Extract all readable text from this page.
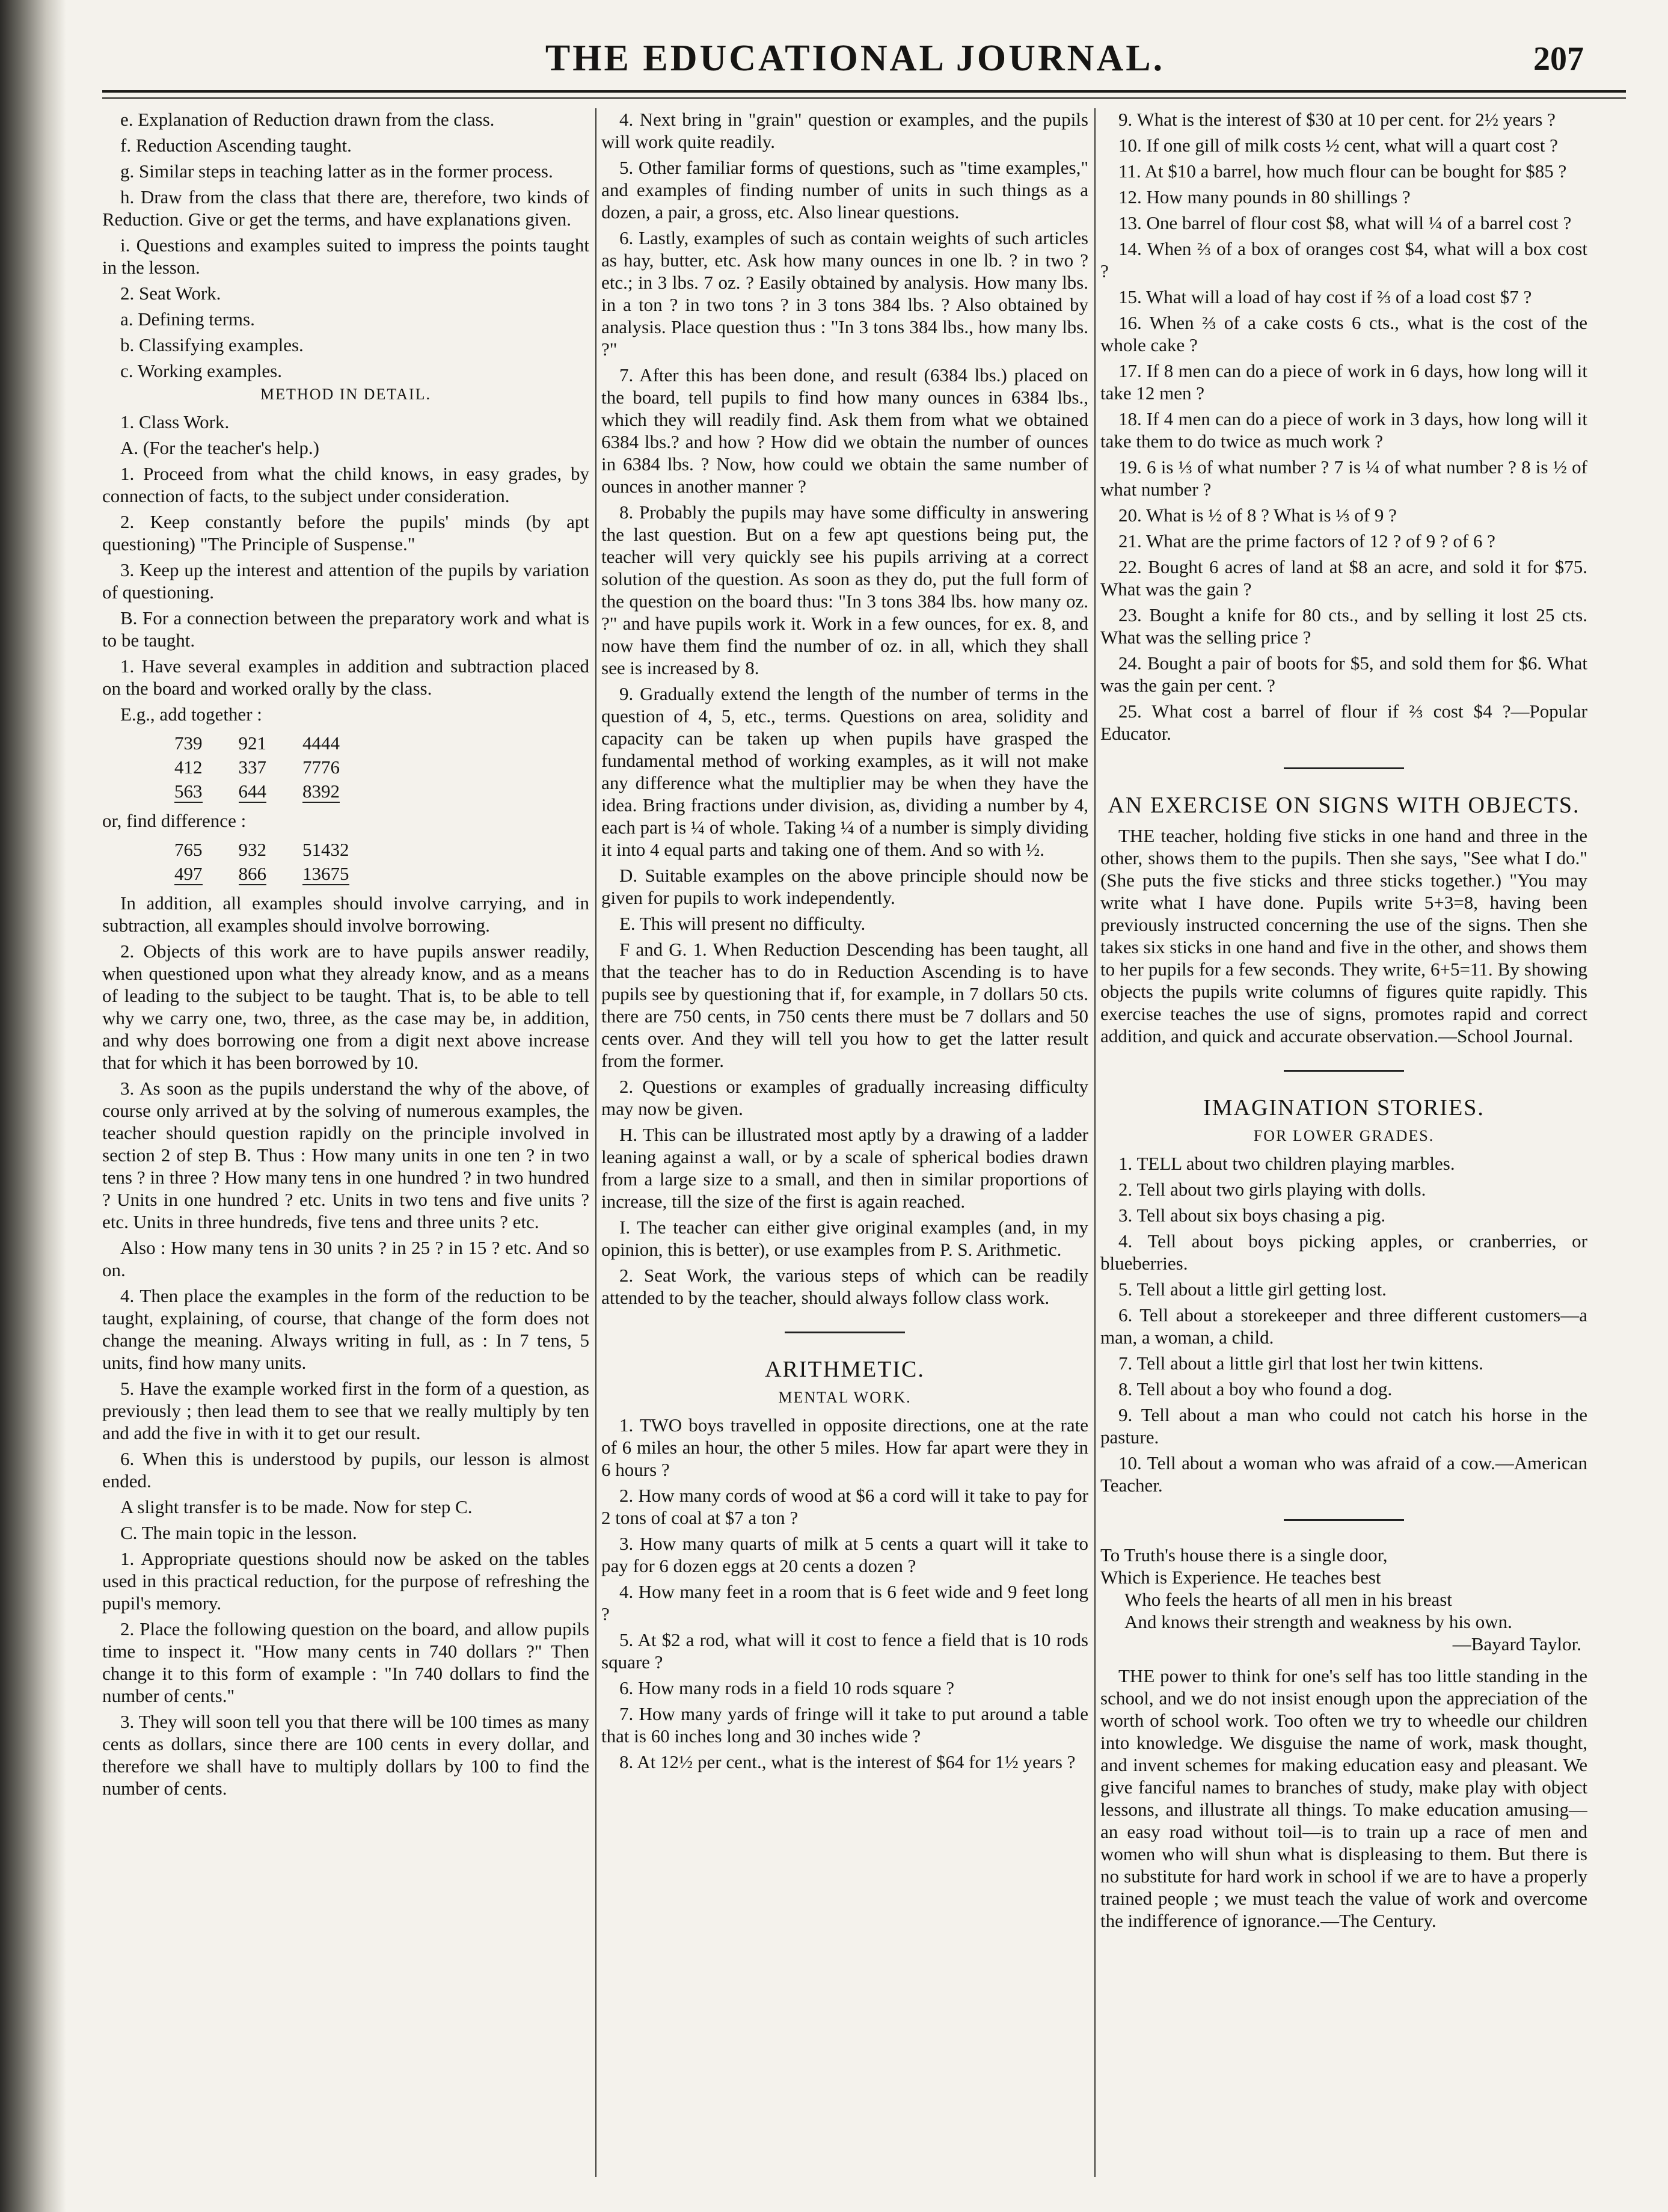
THE EDUCATIONAL JOURNAL.	207

e. Explanation of Reduction drawn from the class.

f. Reduction Ascending taught.

g. Similar steps in teaching latter as in the former process.

h. Draw from the class that there are, therefore, two kinds of Reduction. Give or get the terms, and have explanations given.

i. Questions and examples suited to impress the points taught in the lesson.

2. Seat Work.

a. Defining terms.

b. Classifying examples.

c. Working examples.

METHOD IN DETAIL.

1. Class Work.

A. (For the teacher's help.)

1. Proceed from what the child knows, in easy grades, by connection of facts, to the subject under consideration.

2. Keep constantly before the pupils' minds (by apt questioning) "The Principle of Suspense."

3. Keep up the interest and attention of the pupils by variation of questioning.

B. For a connection between the preparatory work and what is to be taught.

1. Have several examples in addition and subtraction placed on the board and worked orally by the class.

E.g., add together :

739	921	4444
412	337	7776
563	644	8392

or, find difference :

765	932	51432
497	866	13675

In addition, all examples should involve carrying, and in subtraction, all examples should involve borrowing.

2. Objects of this work are to have pupils answer readily, when questioned upon what they already know, and as a means of leading to the subject to be taught. That is, to be able to tell why we carry one, two, three, as the case may be, in addition, and why does borrowing one from a digit next above increase that for which it has been borrowed by 10.

3. As soon as the pupils understand the why of the above, of course only arrived at by the solving of numerous examples, the teacher should question rapidly on the principle involved in section 2 of step B. Thus : How many units in one ten ? in two tens ? in three ? How many tens in one hundred ? in two hundred ? Units in one hundred ? etc. Units in two tens and five units ? etc. Units in three hundreds, five tens and three units ? etc.

Also : How many tens in 30 units ? in 25 ? in 15 ? etc. And so on.

4. Then place the examples in the form of the reduction to be taught, explaining, of course, that change of the form does not change the meaning. Always writing in full, as : In 7 tens, 5 units, find how many units.

5. Have the example worked first in the form of a question, as previously ; then lead them to see that we really multiply by ten and add the five in with it to get our result.

6. When this is understood by pupils, our lesson is almost ended.

A slight transfer is to be made. Now for step C.

C. The main topic in the lesson.

1. Appropriate questions should now be asked on the tables used in this practical reduction, for the purpose of refreshing the pupil's memory.

2. Place the following question on the board, and allow pupils time to inspect it. "How many cents in 740 dollars ?" Then change it to this form of example : "In 740 dollars to find the number of cents."

3. They will soon tell you that there will be 100 times as many cents as dollars, since there are 100 cents in every dollar, and therefore we shall have to multiply dollars by 100 to find the number of cents.

4. Next bring in "grain" question or examples, and the pupils will work quite readily.

5. Other familiar forms of questions, such as "time examples," and examples of finding number of units in such things as a dozen, a pair, a gross, etc. Also linear questions.

6. Lastly, examples of such as contain weights of such articles as hay, butter, etc. Ask how many ounces in one lb. ? in two ? etc.; in 3 lbs. 7 oz. ? Easily obtained by analysis. How many lbs. in a ton ? in two tons ? in 3 tons 384 lbs. ? Also obtained by analysis. Place question thus : "In 3 tons 384 lbs., how many lbs. ?"

7. After this has been done, and result (6384 lbs.) placed on the board, tell pupils to find how many ounces in 6384 lbs., which they will readily find. Ask them from what we obtained 6384 lbs.? and how ? How did we obtain the number of ounces in 6384 lbs. ? Now, how could we obtain the same number of ounces in another manner ?

8. Probably the pupils may have some difficulty in answering the last question. But on a few apt questions being put, the teacher will very quickly see his pupils arriving at a correct solution of the question. As soon as they do, put the full form of the question on the board thus: "In 3 tons 384 lbs. how many oz. ?" and have pupils work it. Work in a few ounces, for ex. 8, and now have them find the number of oz. in all, which they shall see is increased by 8.

9. Gradually extend the length of the number of terms in the question of 4, 5, etc., terms. Questions on area, solidity and capacity can be taken up when pupils have grasped the fundamental method of working examples, as it will not make any difference what the multiplier may be when they have the idea. Bring fractions under division, as, dividing a number by 4, each part is ¼ of whole. Taking ¼ of a number is simply dividing it into 4 equal parts and taking one of them. And so with ½.

D. Suitable examples on the above principle should now be given for pupils to work independently.

E. This will present no difficulty.

F and G. 1. When Reduction Descending has been taught, all that the teacher has to do in Reduction Ascending is to have pupils see by questioning that if, for example, in 7 dollars 50 cts. there are 750 cents, in 750 cents there must be 7 dollars and 50 cents over. And they will tell you how to get the latter result from the former.

2. Questions or examples of gradually increasing difficulty may now be given.

H. This can be illustrated most aptly by a drawing of a ladder leaning against a wall, or by a scale of spherical bodies drawn from a large size to a small, and then in similar proportions of increase, till the size of the first is again reached.

I. The teacher can either give original examples (and, in my opinion, this is better), or use examples from P. S. Arithmetic.

2. Seat Work, the various steps of which can be readily attended to by the teacher, should always follow class work.

ARITHMETIC.
MENTAL WORK.

1. TWO boys travelled in opposite directions, one at the rate of 6 miles an hour, the other 5 miles. How far apart were they in 6 hours ?

2. How many cords of wood at $6 a cord will it take to pay for 2 tons of coal at $7 a ton ?

3. How many quarts of milk at 5 cents a quart will it take to pay for 6 dozen eggs at 20 cents a dozen ?

4. How many feet in a room that is 6 feet wide and 9 feet long ?

5. At $2 a rod, what will it cost to fence a field that is 10 rods square ?

6. How many rods in a field 10 rods square ?

7. How many yards of fringe will it take to put around a table that is 60 inches long and 30 inches wide ?

8. At 12½ per cent., what is the interest of $64 for 1½ years ?

9. What is the interest of $30 at 10 per cent. for 2½ years ?

10. If one gill of milk costs ½ cent, what will a quart cost ?

11. At $10 a barrel, how much flour can be bought for $85 ?

12. How many pounds in 80 shillings ?

13. One barrel of flour cost $8, what will ¼ of a barrel cost ?

14. When ⅔ of a box of oranges cost $4, what will a box cost ?

15. What will a load of hay cost if ⅔ of a load cost $7 ?

16. When ⅔ of a cake costs 6 cts., what is the cost of the whole cake ?

17. If 8 men can do a piece of work in 6 days, how long will it take 12 men ?

18. If 4 men can do a piece of work in 3 days, how long will it take them to do twice as much work ?

19. 6 is ⅓ of what number ? 7 is ¼ of what number ? 8 is ½ of what number ?

20. What is ½ of 8 ? What is ⅓ of 9 ?

21. What are the prime factors of 12 ? of 9 ? of 6 ?

22. Bought 6 acres of land at $8 an acre, and sold it for $75. What was the gain ?

23. Bought a knife for 80 cts., and by selling it lost 25 cts. What was the selling price ?

24. Bought a pair of boots for $5, and sold them for $6. What was the gain per cent. ?

25. What cost a barrel of flour if ⅔ cost $4 ?—Popular Educator.

AN EXERCISE ON SIGNS WITH OBJECTS.

THE teacher, holding five sticks in one hand and three in the other, shows them to the pupils. Then she says, "See what I do." (She puts the five sticks and three sticks together.) "You may write what I have done. Pupils write 5+3=8, having been previously instructed concerning the use of the signs. Then she takes six sticks in one hand and five in the other, and shows them to her pupils for a few seconds. They write, 6+5=11. By showing objects the pupils write columns of figures quite rapidly. This exercise teaches the use of signs, promotes rapid and correct addition, and quick and accurate observation.—School Journal.

IMAGINATION STORIES.
FOR LOWER GRADES.

1. TELL about two children playing marbles.

2. Tell about two girls playing with dolls.

3. Tell about six boys chasing a pig.

4. Tell about boys picking apples, or cranberries, or blueberries.

5. Tell about a little girl getting lost.

6. Tell about a storekeeper and three different customers—a man, a woman, a child.

7. Tell about a little girl that lost her twin kittens.

8. Tell about a boy who found a dog.

9. Tell about a man who could not catch his horse in the pasture.

10. Tell about a woman who was afraid of a cow.—American Teacher.

To Truth's house there is a single door,

Which is Experience. He teaches best

Who feels the hearts of all men in his breast

And knows their strength and weakness by his own.

—Bayard Taylor.

THE power to think for one's self has too little standing in the school, and we do not insist enough upon the appreciation of the worth of school work. Too often we try to wheedle our children into knowledge. We disguise the name of work, mask thought, and invent schemes for making education easy and pleasant. We give fanciful names to branches of study, make play with object lessons, and illustrate all things. To make education amusing—an easy road without toil—is to train up a race of men and women who will shun what is displeasing to them. But there is no substitute for hard work in school if we are to have a properly trained people ; we must teach the value of work and overcome the indifference of ignorance.—The Century.
